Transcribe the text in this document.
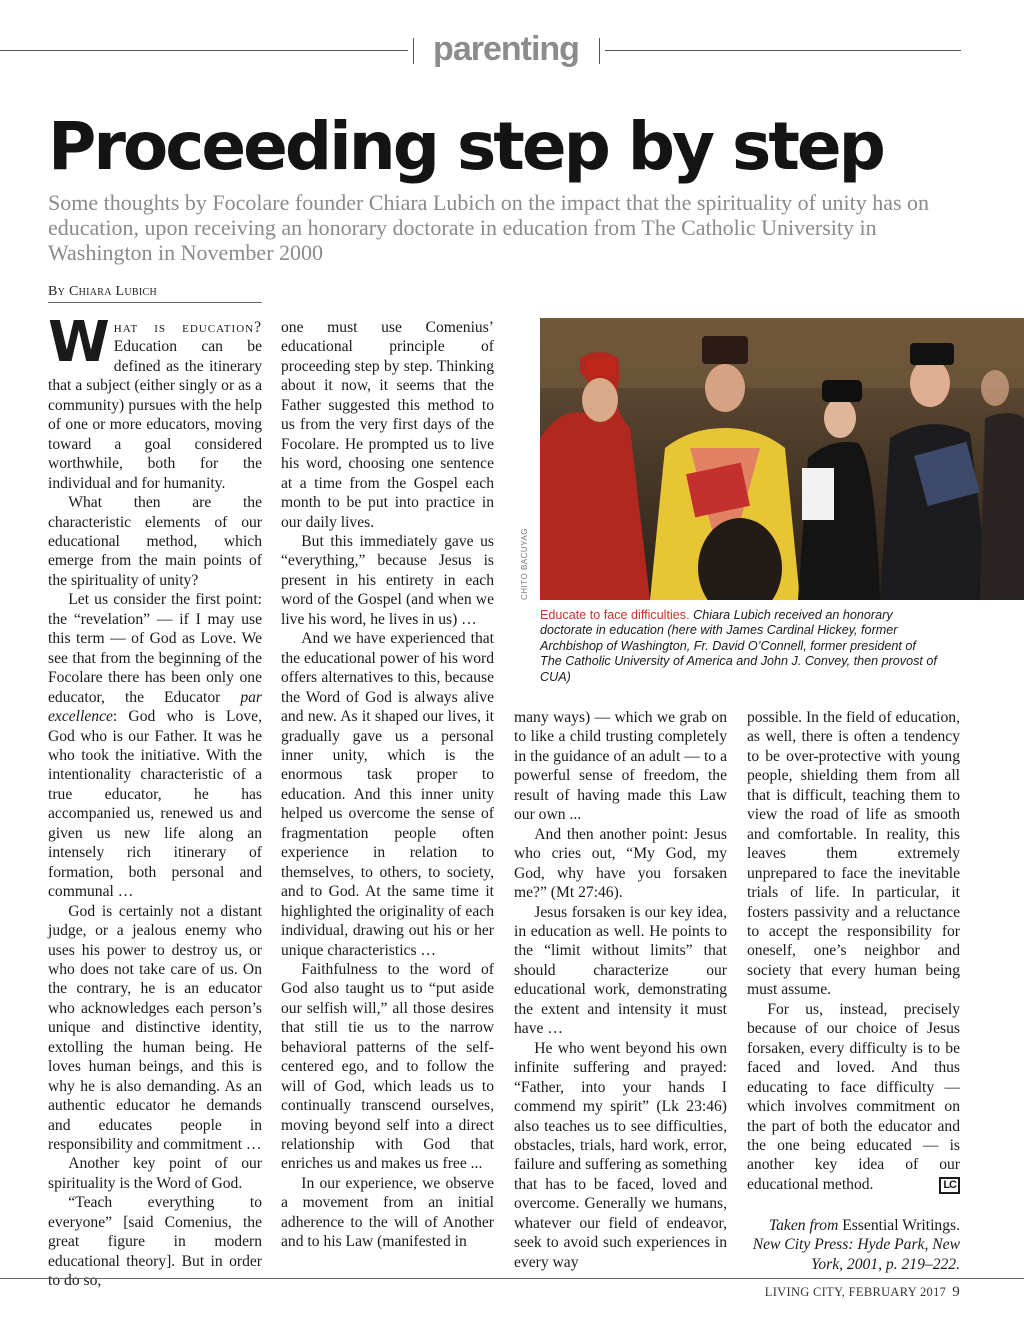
parenting
Proceeding step by step

Some thoughts by Focolare founder Chiara Lubich on the impact that the spirituality of unity has on education, upon receiving an honorary doctorate in education from The Catholic University in Washington in November 2000

By Chiara Lubich

What is education? Education can be defined as the itinerary that a subject (either singly or as a community) pursues with the help of one or more educators, moving toward a goal considered worthwhile, both for the individual and for humanity.

What then are the characteristic elements of our educational method, which emerge from the main points of the spirituality of unity?

Let us consider the first point: the “revelation” — if I may use this term — of God as Love. We see that from the beginning of the Focolare there has been only one educator, the Educator par excellence: God who is Love, God who is our Father. It was he who took the initiative. With the intentionality characteristic of a true educator, he has accompanied us, renewed us and given us new life along an intensely rich itinerary of formation, both personal and communal …

God is certainly not a distant judge, or a jealous enemy who uses his power to destroy us, or who does not take care of us. On the contrary, he is an educator who acknowledges each person’s unique and distinctive identity, extolling the human being. He loves human beings, and this is why he is also demanding. As an authentic educator he demands and educates people in responsibility and commitment …

Another key point of our spirituality is the Word of God.

“Teach everything to everyone” [said Comenius, the great figure in modern educational theory]. But in order to do so,

one must use Comenius’ educational principle of proceeding step by step. Thinking about it now, it seems that the Father suggested this method to us from the very first days of the Focolare. He prompted us to live his word, choosing one sentence at a time from the Gospel each month to be put into practice in our daily lives.

But this immediately gave us “everything,” because Jesus is present in his entirety in each word of the Gospel (and when we live his word, he lives in us) …

And we have experienced that the educational power of his word offers alternatives to this, because the Word of God is always alive and new. As it shaped our lives, it gradually gave us a personal inner unity, which is the enormous task proper to education. And this inner unity helped us overcome the sense of fragmentation people often experience in relation to themselves, to others, to society, and to God. At the same time it highlighted the originality of each individual, drawing out his or her unique characteristics …

Faithfulness to the word of God also taught us to “put aside our selfish will,” all those desires that still tie us to the narrow behavioral patterns of the self-centered ego, and to follow the will of God, which leads us to continually transcend ourselves, moving beyond self into a direct relationship with God that enriches us and makes us free ...

In our experience, we observe a movement from an initial adherence to the will of Another and to his Law (manifested in

CHITO BACUYAG

Educate to face difficulties. Chiara Lubich received an honorary doctorate in education (here with James Cardinal Hickey, former Archbishop of Washington, Fr. David O’Connell, former president of The Catholic University of America and John J. Convey, then provost of CUA)

many ways) — which we grab on to like a child trusting completely in the guidance of an adult — to a powerful sense of freedom, the result of having made this Law our own ...

And then another point: Jesus who cries out, “My God, my God, why have you forsaken me?” (Mt 27:46).

Jesus forsaken is our key idea, in education as well. He points to the “limit without limits” that should characterize our educational work, demonstrating the extent and intensity it must have …

He who went beyond his own infinite suffering and prayed: “Father, into your hands I commend my spirit” (Lk 23:46) also teaches us to see difficulties, obstacles, trials, hard work, error, failure and suffering as something that has to be faced, loved and overcome. Generally we humans, whatever our field of endeavor, seek to avoid such experiences in every way

possible. In the field of education, as well, there is often a tendency to be over-protective with young people, shielding them from all that is difficult, teaching them to view the road of life as smooth and comfortable. In reality, this leaves them extremely unprepared to face the inevitable trials of life. In particular, it fosters passivity and a reluctance to accept the responsibility for oneself, one’s neighbor and society that every human being must assume.

For us, instead, precisely because of our choice of Jesus forsaken, every difficulty is to be faced and loved. And thus educating to face difficulty — which involves commitment on the part of both the educator and the one being educated — is another key idea of our educational method.	LC

Taken from Essential Writings.
New City Press: Hyde Park, New York, 2001, p. 219–222.

LIVING CITY, FEBRUARY 2017 9
